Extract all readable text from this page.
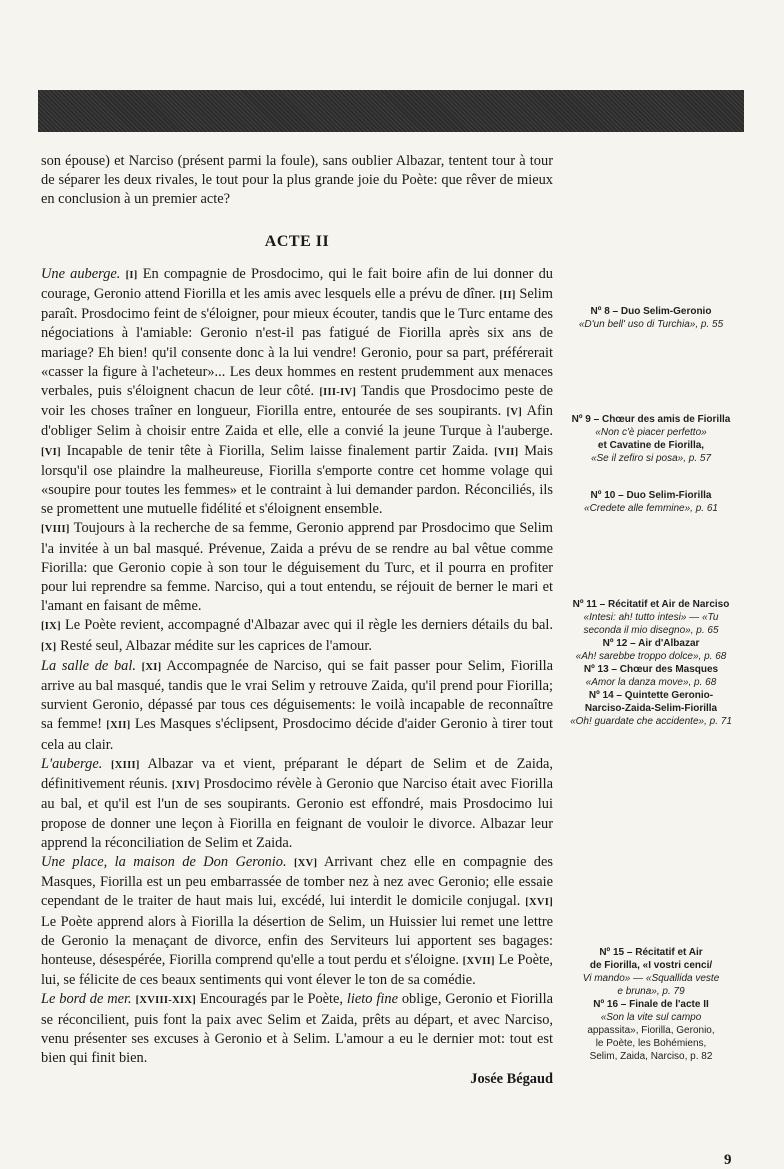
son épouse) et Narciso (présent parmi la foule), sans oublier Albazar, tentent tour à tour de séparer les deux rivales, le tout pour la plus grande joie du Poète: que rêver de mieux en conclusion à un premier acte?

ACTE II

Une auberge. [I] En compagnie de Prosdocimo, qui le fait boire afin de lui donner du courage, Geronio attend Fiorilla et les amis avec lesquels elle a prévu de dîner. [II] Selim paraît. Prosdocimo feint de s'éloigner, pour mieux écouter, tandis que le Turc entame des négociations à l'amiable: Geronio n'est-il pas fatigué de Fiorilla après six ans de mariage? Eh bien! qu'il consente donc à la lui vendre! Geronio, pour sa part, préférerait «casser la figure à l'acheteur»... Les deux hommes en restent prudemment aux menaces verbales, puis s'éloignent chacun de leur côté. [III-IV] Tandis que Prosdocimo peste de voir les choses traîner en longueur, Fiorilla entre, entourée de ses soupirants. [V] Afin d'obliger Selim à choisir entre Zaida et elle, elle a convié la jeune Turque à l'auberge. [VI] Incapable de tenir tête à Fiorilla, Selim laisse finalement partir Zaida. [VII] Mais lorsqu'il ose plaindre la malheureuse, Fiorilla s'emporte contre cet homme volage qui «soupire pour toutes les femmes» et le contraint à lui demander pardon. Réconciliés, ils se promettent une mutuelle fidélité et s'éloignent ensemble.

[VIII] Toujours à la recherche de sa femme, Geronio apprend par Prosdocimo que Selim l'a invitée à un bal masqué. Prévenue, Zaida a prévu de se rendre au bal vêtue comme Fiorilla: que Geronio copie à son tour le déguisement du Turc, et il pourra en profiter pour lui reprendre sa femme. Narciso, qui a tout entendu, se réjouit de berner le mari et l'amant en faisant de même.

[IX] Le Poète revient, accompagné d'Albazar avec qui il règle les derniers détails du bal. [X] Resté seul, Albazar médite sur les caprices de l'amour.

La salle de bal. [XI] Accompagnée de Narciso, qui se fait passer pour Selim, Fiorilla arrive au bal masqué, tandis que le vrai Selim y retrouve Zaida, qu'il prend pour Fiorilla; survient Geronio, dépassé par tous ces déguisements: le voilà incapable de reconnaître sa femme! [XII] Les Masques s'éclipsent, Prosdocimo décide d'aider Geronio à tirer tout cela au clair.

L'auberge. [XIII] Albazar va et vient, préparant le départ de Selim et de Zaida, définitivement réunis. [XIV] Prosdocimo révèle à Geronio que Narciso était avec Fiorilla au bal, et qu'il est l'un de ses soupirants. Geronio est effondré, mais Prosdocimo lui propose de donner une leçon à Fiorilla en feignant de vouloir le divorce. Albazar leur apprend la réconciliation de Selim et Zaida.

Une place, la maison de Don Geronio. [XV] Arrivant chez elle en compagnie des Masques, Fiorilla est un peu embarrassée de tomber nez à nez avec Geronio; elle essaie cependant de le traiter de haut mais lui, excédé, lui interdit le domicile conjugal. [XVI] Le Poète apprend alors à Fiorilla la désertion de Selim, un Huissier lui remet une lettre de Geronio la menaçant de divorce, enfin des Serviteurs lui apportent ses bagages: honteuse, désespérée, Fiorilla comprend qu'elle a tout perdu et s'éloigne. [XVII] Le Poète, lui, se félicite de ces beaux sentiments qui vont élever le ton de sa comédie.

Le bord de mer. [XVIII-XIX] Encouragés par le Poète, lieto fine oblige, Geronio et Fiorilla se réconcilient, puis font la paix avec Selim et Zaida, prêts au départ, et avec Narciso, venu présenter ses excuses à Geronio et à Selim. L'amour a eu le dernier mot: tout est bien qui finit bien.

Josée Bégaud
Nº 8 – Duo Selim-Geronio
«D'un bell' uso di Turchia», p. 55
Nº 9 – Chœur des amis de Fiorilla
«Non c'è piacer perfetto»
et Cavatine de Fiorilla,
«Se il zefiro si posa», p. 57
Nº 10 – Duo Selim-Fiorilla
«Credete alle femmine», p. 61
Nº 11 – Récitatif et Air de Narciso
«Intesi: ah! tutto intesi» — «Tu
seconda il mio disegno», p. 65
Nº 12 – Air d'Albazar
«Ah! sarebbe troppo dolce», p. 68
Nº 13 – Chœur des Masques
«Amor la danza move», p. 68
Nº 14 – Quintette Geronio-
Narciso-Zaida-Selim-Fiorilla
«Oh! guardate che accidente», p. 71
Nº 15 – Récitatif et Air
de Fiorilla, «I vostri cenci/
Vi mando» — «Squallida veste
e bruna», p. 79
Nº 16 – Finale de l'acte II
«Son la vite sul campo
appassita», Fiorilla, Geronio,
le Poète, les Bohémiens,
Selim, Zaida, Narciso, p. 82
9
